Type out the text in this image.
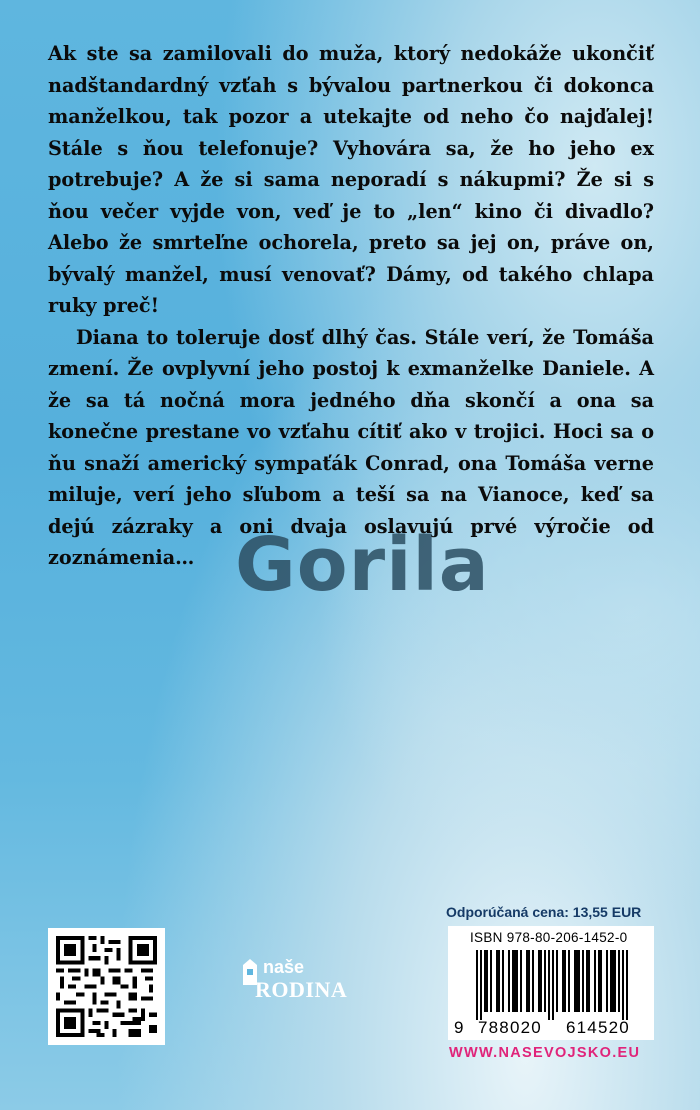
Ak ste sa zamilovali do muža, ktorý nedokáže ukončiť nadštandardný vzťah s bývalou partnerkou či dokonca manželkou, tak pozor a utekajte od neho čo najďalej! Stále s ňou telefonuje? Vyhovára sa, že ho jeho ex potrebuje? A že si sama neporadí s nákupmi? Že si s ňou večer vyjde von, veď je to „len“ kino či divadlo? Alebo že smrteľne ochorela, preto sa jej on, práve on, bývalý manžel, musí venovať? Dámy, od takého chlapa ruky preč!

Diana to toleruje dosť dlhý čas. Stále verí, že Tomáša zmení. Že ovplyvní jeho postoj k exmanželke Daniele. A že sa tá nočná mora jedného dňa skončí a ona sa konečne prestane vo vzťahu cítiť ako v trojici. Hoci sa o ňu snaží americký sympaťák Conrad, ona Tomáša verne miluje, verí jeho sľubom a teší sa na Vianoce, keď sa dejú zázraky a oni dvaja oslavujú prvé výročie od zoznámenia… Gorila
naše
RODINA
Odporúčaná cena: 13,55 EUR
ISBN 978-80-206-1452-0
9 788020 614520
WWW.NASEVOJSKO.EU
